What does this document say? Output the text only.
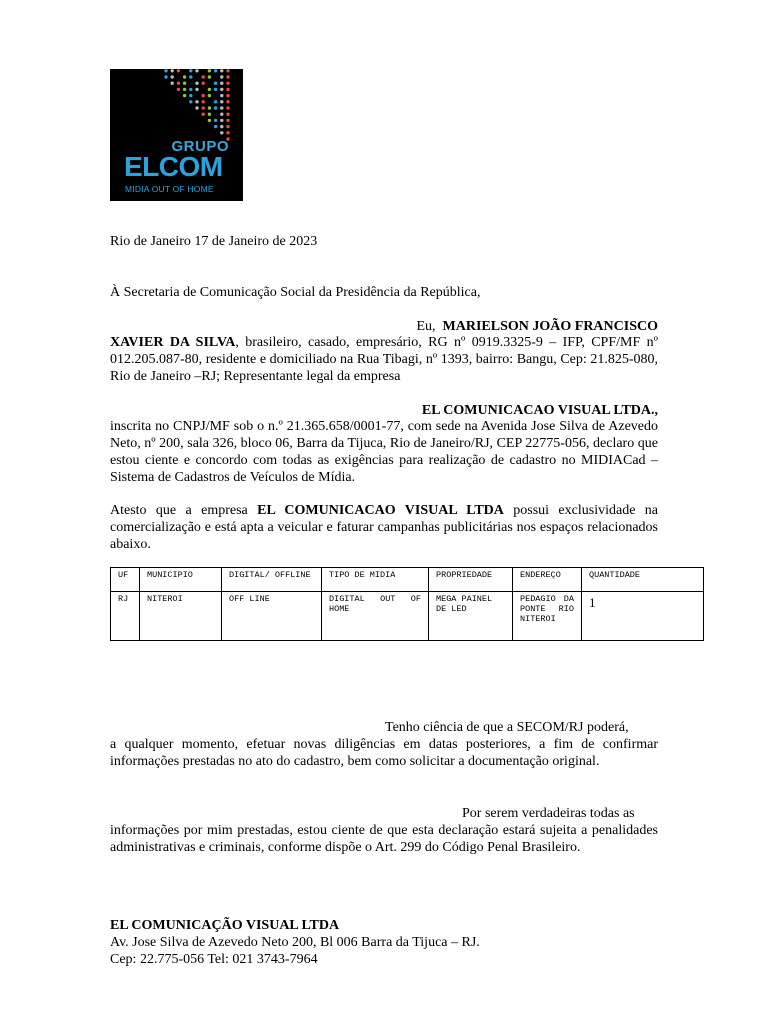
GRUPO
ELCOM
MIDIA OUT OF HOME
Rio de Janeiro 17 de Janeiro de 2023
À Secretaria de Comunicação Social da Presidência da República,
Eu, MARIELSON JOÃO FRANCISCO
XAVIER DA SILVA, brasileiro, casado, empresário, RG nº 0919.3325-9 – IFP, CPF/MF nº 012.205.087-80, residente e domiciliado na Rua Tibagi, nº 1393, bairro: Bangu, Cep: 21.825-080, Rio de Janeiro –RJ; Representante legal da empresa
EL COMUNICACAO VISUAL LTDA.,
inscrita no CNPJ/MF sob o n.º 21.365.658/0001-77, com sede na Avenida Jose Silva de Azevedo Neto, nº 200, sala 326, bloco 06, Barra da Tijuca, Rio de Janeiro/RJ, CEP 22775-056, declaro que estou ciente e concordo com todas as exigências para realização de cadastro no MIDIACad – Sistema de Cadastros de Veículos de Mídia.
Atesto que a empresa EL COMUNICACAO VISUAL LTDA possui exclusividade na comercialização e está apta a veicular e faturar campanhas publicitárias nos espaços relacionados abaixo.
UF	MUNICIPIO	DIGITAL/ OFFLINE	TIPO DE MIDIA	PROPRIEDADE	ENDEREÇO	QUANTIDADE
RJ	NITEROI	OFF LINE	DIGITAL OUT OF HOME	MEGA PAINEL DE LED	PEDAGIO DA PONTE RIO NITEROI	1
Tenho ciência de que a SECOM/RJ poderá,
a qualquer momento, efetuar novas diligências em datas posteriores, a fim de confirmar informações prestadas no ato do cadastro, bem como solicitar a documentação original.
Por serem verdadeiras todas as
informações por mim prestadas, estou ciente de que esta declaração estará sujeita a penalidades administrativas e criminais, conforme dispõe o Art. 299 do Código Penal Brasileiro.
EL COMUNICAÇÃO VISUAL LTDA
Av. Jose Silva de Azevedo Neto 200, Bl 006 Barra da Tijuca – RJ.
Cep: 22.775-056 Tel: 021 3743-7964
